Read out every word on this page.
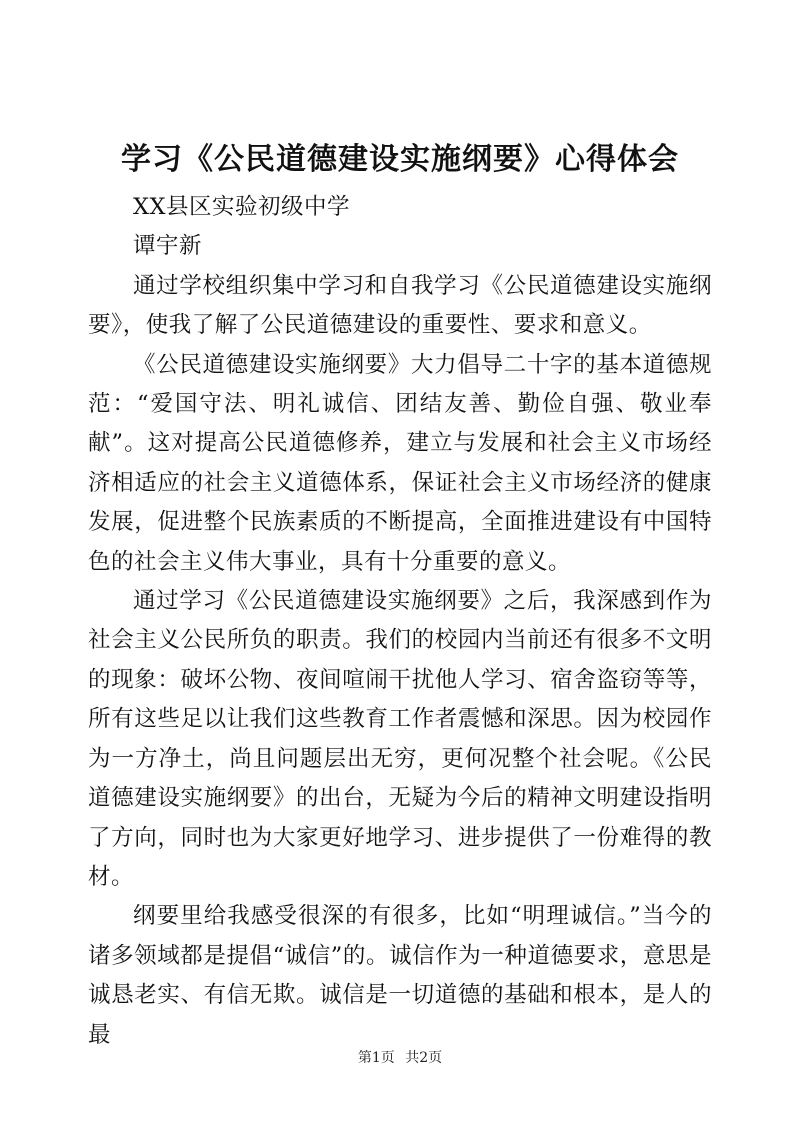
学习《公民道德建设实施纲要》心得体会

XX县区实验初级中学

谭宇新

通过学校组织集中学习和自我学习《公民道德建设实施纲要》，使我了解了公民道德建设的重要性、要求和意义。

《公民道德建设实施纲要》大力倡导二十字的基本道德规范：“爱国守法、明礼诚信、团结友善、勤俭自强、敬业奉献”。这对提高公民道德修养，建立与发展和社会主义市场经济相适应的社会主义道德体系，保证社会主义市场经济的健康发展，促进整个民族素质的不断提高，全面推进建设有中国特色的社会主义伟大事业，具有十分重要的意义。

通过学习《公民道德建设实施纲要》之后，我深感到作为社会主义公民所负的职责。我们的校园内当前还有很多不文明的现象：破坏公物、夜间喧闹干扰他人学习、宿舍盗窃等等，所有这些足以让我们这些教育工作者震憾和深思。因为校园作为一方净土，尚且问题层出无穷，更何况整个社会呢。《公民道德建设实施纲要》的出台，无疑为今后的精神文明建设指明了方向，同时也为大家更好地学习、进步提供了一份难得的教材。

纲要里给我感受很深的有很多，比如“明理诚信。”当今的诸多领域都是提倡“诚信”的。诚信作为一种道德要求，意思是诚恳老实、有信无欺。诚信是一切道德的基础和根本，是人的最

第1页 共2页
